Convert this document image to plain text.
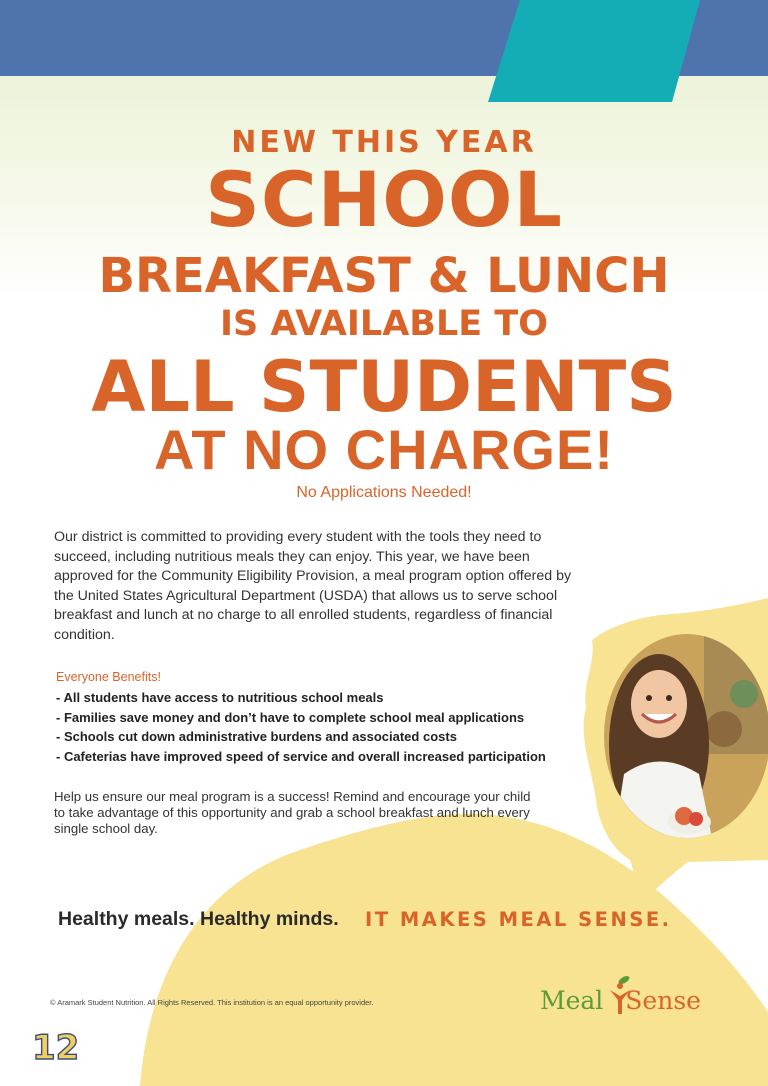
NEW THIS YEAR
SCHOOL
BREAKFAST & LUNCH
IS AVAILABLE TO
ALL STUDENTS
AT NO CHARGE!
No Applications Needed!

Our district is committed to providing every student with the tools they need to succeed, including nutritious meals they can enjoy. This year, we have been approved for the Community Eligibility Provision, a meal program option offered by the United States Agricultural Department (USDA) that allows us to serve school breakfast and lunch at no charge to all enrolled students, regardless of financial condition.

Everyone Benefits!

- All students have access to nutritious school meals
- Families save money and don’t have to complete school meal applications
- Schools cut down administrative burdens and associated costs
- Cafeterias have improved speed of service and overall increased participation

Help us ensure our meal program is a success! Remind and encourage your child to take advantage of this opportunity and grab a school breakfast and lunch every single school day.

Healthy meals. Healthy minds. IT MAKES MEAL SENSE.

© Aramark Student Nutrition. All Rights Reserved. This institution is an equal opportunity provider.	Meal Sense

12
